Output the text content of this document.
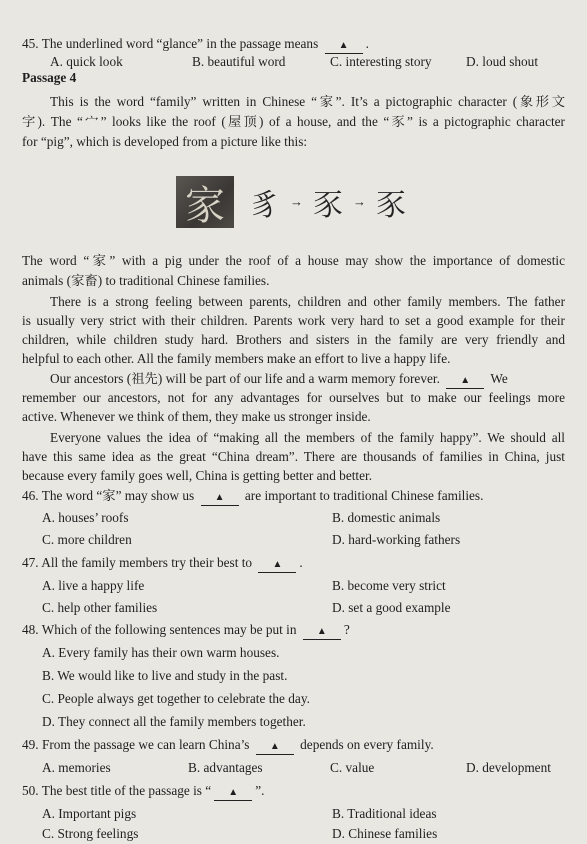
45. The underlined word “glance” in the passage means ▲ .
A. quick look	B. beautiful word	C. interesting story	D. loud shout
Passage 4
This is the word “family” written in Chinese “家”. It’s a pictographic character (象形文
字). The “宀” looks like the roof (屋顶) of a house, and the “豕” is a pictographic character
for “pig”, which is developed from a picture like this:
家 豸 → 豕 → 豕
The word “家” with a pig under the roof of a house may show the importance of domestic
animals (家畜) to traditional Chinese families.
There is a strong feeling between parents, children and other family members. The father
is usually very strict with their children. Parents work very hard to set a good example for their
children, while children study hard. Brothers and sisters in the family are very friendly and
helpful to each other. All the family members make an effort to live a happy life.
Our ancestors (祖先) will be part of our life and a warm memory forever. ▲ We
remember our ancestors, not for any advantages for ourselves but to make our feelings more
active. Whenever we think of them, they make us stronger inside.
Everyone values the idea of “making all the members of the family happy”. We should all
have this same idea as the great “China dream”. There are thousands of families in China, just
because every family goes well, China is getting better and better.
46. The word “家” may show us ▲ are important to traditional Chinese families.
A. houses’ roofs	B. domestic animals
C. more children	D. hard-working fathers
47. All the family members try their best to ▲ .
A. live a happy life	B. become very strict
C. help other families	D. set a good example
48. Which of the following sentences may be put in ▲ ?
A. Every family has their own warm houses.
B. We would like to live and study in the past.
C. People always get together to celebrate the day.
D. They connect all the family members together.
49. From the passage we can learn China’s ▲ depends on every family.
A. memories	B. advantages	C. value	D. development
50. The best title of the passage is “ ▲ ”.
A. Important pigs	B. Traditional ideas
C. Strong feelings	D. Chinese families
